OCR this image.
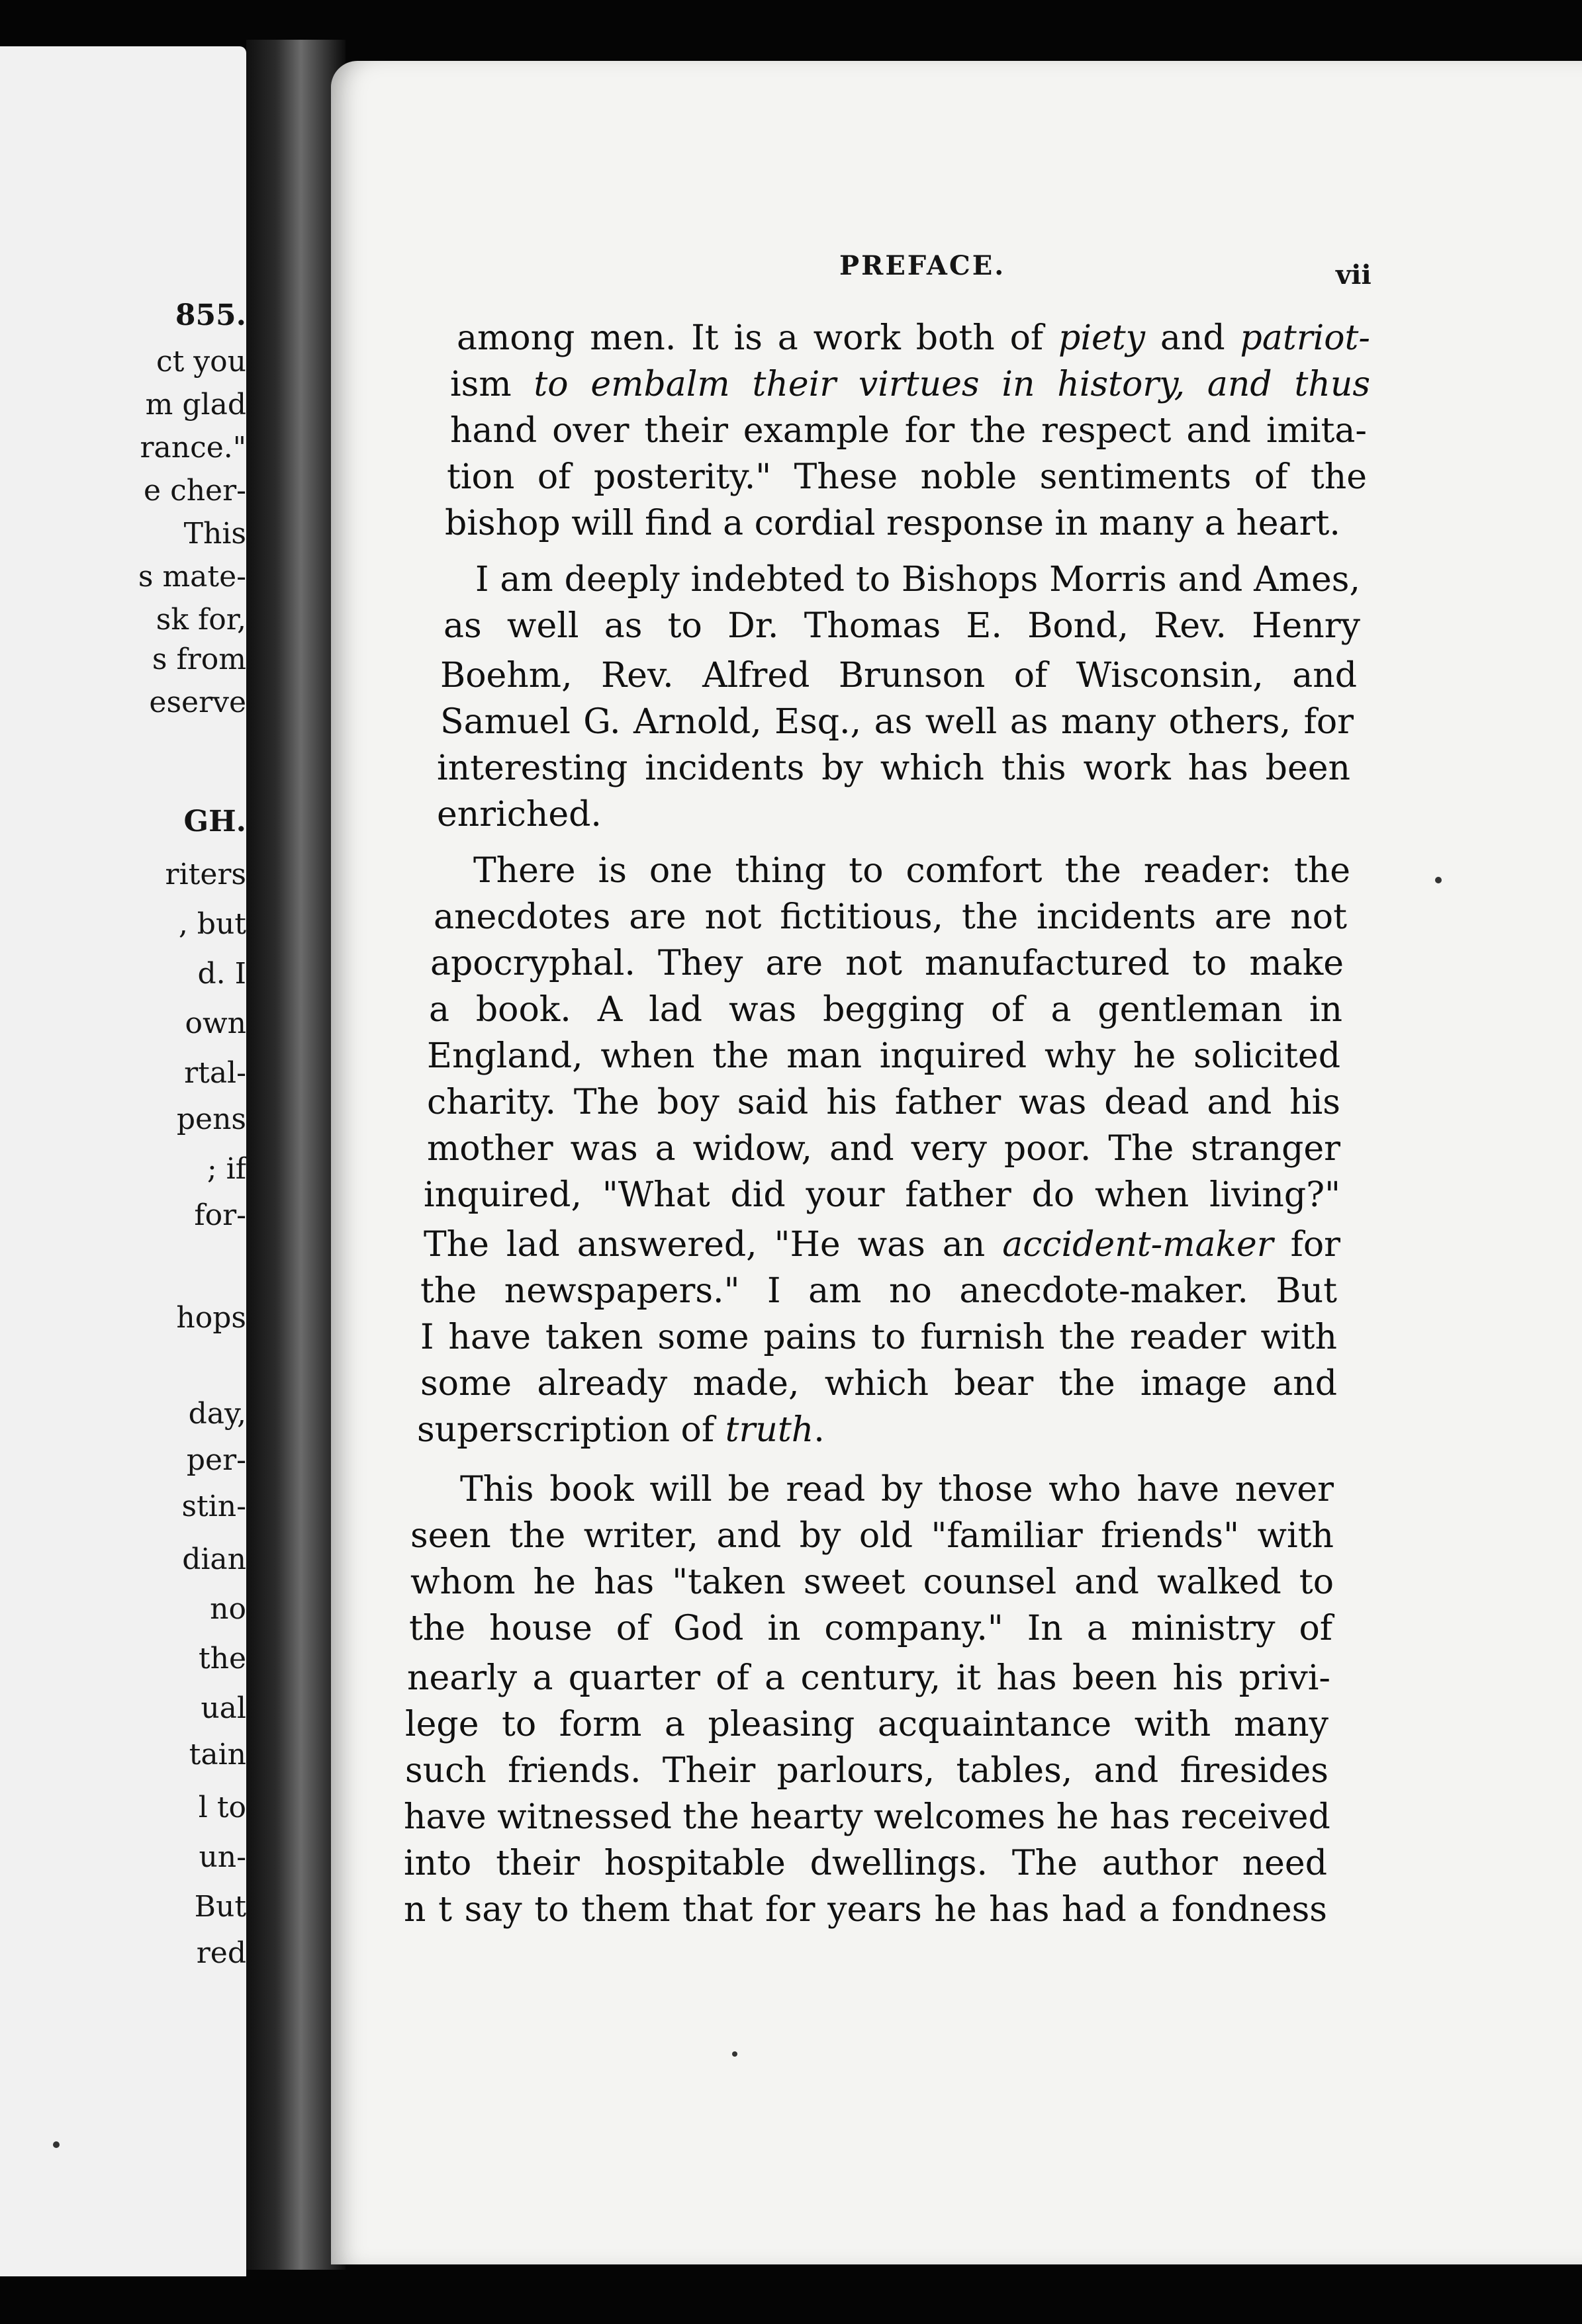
855.
ct you
m glad
rance."
e cher-
This
s mate-
sk for,
s from
eserve
GH.
riters
, but
d. I
own
rtal-
pens
; if
for-
hops
day,
per-
stin-
dian
no
the
ual
tain
l to
un-
But
red
PREFACE.	vii
among men. It is a work both of piety and patriot-
ism to embalm their virtues in history, and thus
hand over their example for the respect and imita-
tion of posterity." These noble sentiments of the
bishop will find a cordial response in many a heart.
I am deeply indebted to Bishops Morris and Ames,
as well as to Dr. Thomas E. Bond, Rev. Henry
Boehm, Rev. Alfred Brunson of Wisconsin, and
Samuel G. Arnold, Esq., as well as many others, for
interesting incidents by which this work has been
enriched.
There is one thing to comfort the reader: the
anecdotes are not fictitious, the incidents are not
apocryphal. They are not manufactured to make
a book. A lad was begging of a gentleman in
England, when the man inquired why he solicited
charity. The boy said his father was dead and his
mother was a widow, and very poor. The stranger
inquired, "What did your father do when living?"
The lad answered, "He was an accident-maker for
the newspapers." I am no anecdote-maker. But
I have taken some pains to furnish the reader with
some already made, which bear the image and
superscription of truth.
This book will be read by those who have never
seen the writer, and by old "familiar friends" with
whom he has "taken sweet counsel and walked to
the house of God in company." In a ministry of
nearly a quarter of a century, it has been his privi-
lege to form a pleasing acquaintance with many
such friends. Their parlours, tables, and firesides
have witnessed the hearty welcomes he has received
into their hospitable dwellings. The author need
n t say to them that for years he has had a fondness
